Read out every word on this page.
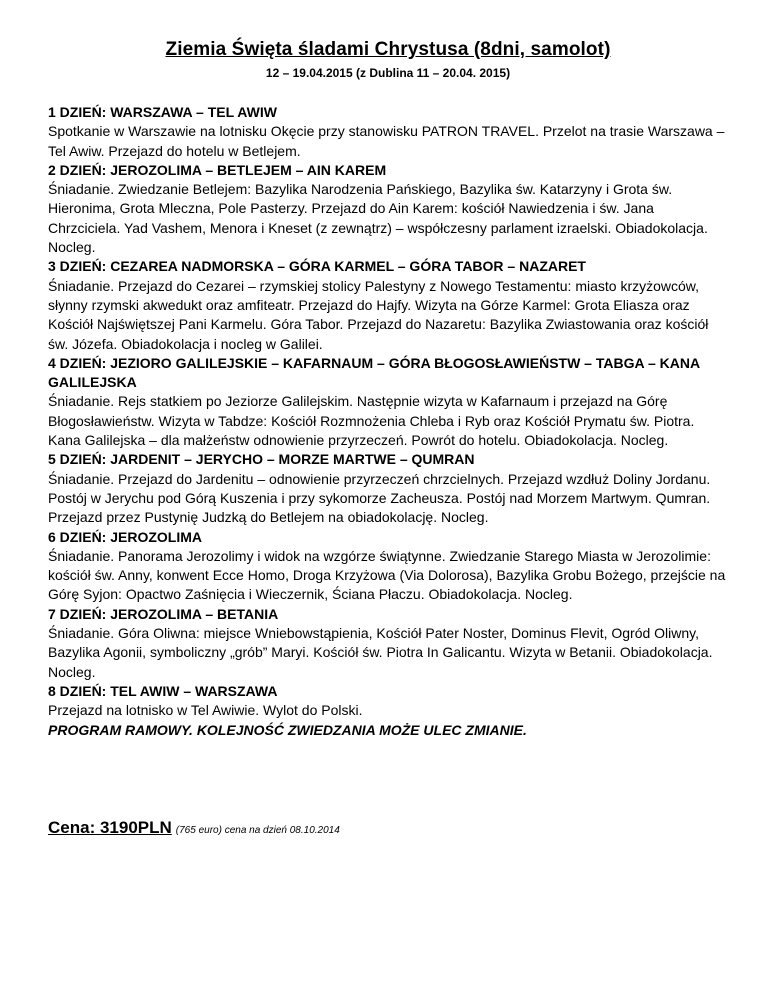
Ziemia Święta śladami Chrystusa (8dni, samolot)
12 – 19.04.2015 (z Dublina 11 – 20.04. 2015)
1 DZIEŃ: WARSZAWA – TEL AWIW
Spotkanie w Warszawie na lotnisku Okęcie przy stanowisku PATRON TRAVEL. Przelot na trasie Warszawa – Tel Awiw. Przejazd do hotelu w Betlejem.
2 DZIEŃ: JEROZOLIMA – BETLEJEM – AIN KAREM
Śniadanie. Zwiedzanie Betlejem: Bazylika Narodzenia Pańskiego, Bazylika św. Katarzyny i Grota św. Hieronima, Grota Mleczna, Pole Pasterzy. Przejazd do Ain Karem: kościół Nawiedzenia i św. Jana Chrzciciela. Yad Vashem, Menora i Kneset (z zewnątrz) – współczesny parlament izraelski. Obiadokolacja. Nocleg.
3 DZIEŃ: CEZAREA NADMORSKA – GÓRA KARMEL – GÓRA TABOR – NAZARET
Śniadanie. Przejazd do Cezarei – rzymskiej stolicy Palestyny z Nowego Testamentu: miasto krzyżowców, słynny rzymski akwedukt oraz amfiteatr. Przejazd do Hajfy. Wizyta na Górze Karmel: Grota Eliasza oraz Kościół Najświętszej Pani Karmelu. Góra Tabor. Przejazd do Nazaretu: Bazylika Zwiastowania oraz kościół św. Józefa. Obiadokolacja i nocleg w Galilei.
4 DZIEŃ: JEZIORO GALILEJSKIE – KAFARNAUM – GÓRA BŁOGOSŁAWIEŃSTW – TABGA – KANA GALILEJSKA
Śniadanie. Rejs statkiem po Jeziorze Galilejskim. Następnie wizyta w Kafarnaum i przejazd na Górę Błogosławieństw. Wizyta w Tabdze: Kościół Rozmnożenia Chleba i Ryb oraz Kościół Prymatu św. Piotra. Kana Galilejska – dla małżeństw odnowienie przyrzeczeń. Powrót do hotelu. Obiadokolacja. Nocleg.
5 DZIEŃ: JARDENIT – JERYCHO – MORZE MARTWE – QUMRAN
Śniadanie. Przejazd do Jardenitu – odnowienie przyrzeczeń chrzcielnych. Przejazd wzdłuż Doliny Jordanu. Postój w Jerychu pod Górą Kuszenia i przy sykomorze Zacheusza. Postój nad Morzem Martwym. Qumran. Przejazd przez Pustynię Judzką do Betlejem na obiadokolację. Nocleg.
6 DZIEŃ: JEROZOLIMA
Śniadanie. Panorama Jerozolimy i widok na wzgórze świątynne. Zwiedzanie Starego Miasta w Jerozolimie: kościół św. Anny, konwent Ecce Homo, Droga Krzyżowa (Via Dolorosa), Bazylika Grobu Bożego, przejście na Górę Syjon: Opactwo Zaśnięcia i Wieczernik, Ściana Płaczu. Obiadokolacja. Nocleg.
7 DZIEŃ: JEROZOLIMA – BETANIA
Śniadanie. Góra Oliwna: miejsce Wniebowstąpienia, Kościół Pater Noster, Dominus Flevit, Ogród Oliwny, Bazylika Agonii, symboliczny „grób” Maryi. Kościół św. Piotra In Galicantu. Wizyta w Betanii. Obiadokolacja. Nocleg.
8 DZIEŃ: TEL AWIW – WARSZAWA
Przejazd na lotnisko w Tel Awiwie. Wylot do Polski.
PROGRAM RAMOWY. KOLEJNOŚĆ ZWIEDZANIA MOŻE ULEC ZMIANIE.
Cena: 3190PLN (765 euro) cena na dzień 08.10.2014
